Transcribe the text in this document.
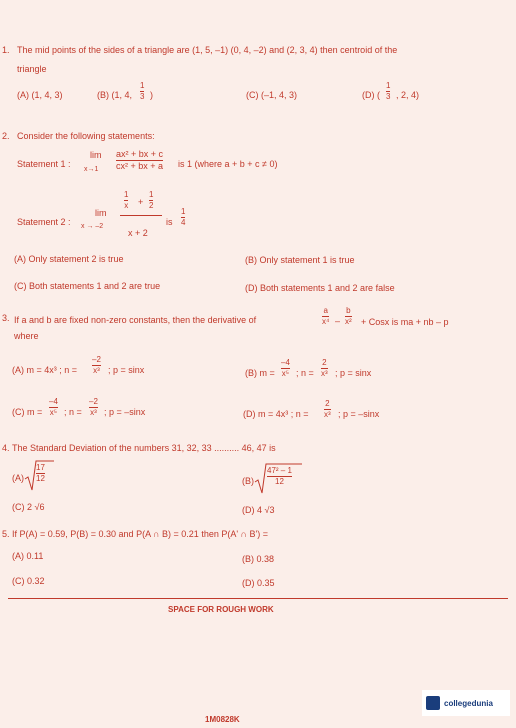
1. The mid points of the sides of a triangle are (1, 5, –1) (0, 4, –2) and (2, 3, 4) then centroid of the
triangle
(A) (1, 4, 3)	(B) (1, 4,
1
3 )	(C) (–1, 4, 3)	(D) (
1
3 , 2, 4)
2. Consider the following statements:
Statement 1 :
lim
x→1
ax² + bx + c
cx² + bx + a is 1 (where a + b + c ≠ 0)
Statement 2 :
lim
x → –2
1
x +
1
2
x + 2
is
1
4
(A) Only statement 2 is true	(B) Only statement 1 is true
(C) Both statements 1 and 2 are true	(D) Both statements 1 and 2 are false
3. If a and b are fixed non-zero constants, then the derivative of
a
x⁴ –
b
x² + Cosx is ma + nb – p
where
(A) m = 4x³ ; n =
–2
x³ ; p = sinx	(B) m =
–4
x⁵ ; n =
2
x³ ; p = sinx
(C) m =
–4
x⁵ ; n =
–2
x³ ; p = –sinx	(D) m = 4x³ ; n =
2
x³ ; p = –sinx
4. The Standard Deviation of the numbers 31, 32, 33 .......... 46, 47 is
(A)
17
12	(B)
47² – 1
12
(C) 2 √6	(D) 4 √3
5. If P(A) = 0.59, P(B) = 0.30 and P(A ∩ B) = 0.21 then P(A' ∩ B') =
(A) 0.11	(B) 0.38
(C) 0.32	(D) 0.35
SPACE FOR ROUGH WORK
1M0828K
collegedunia
